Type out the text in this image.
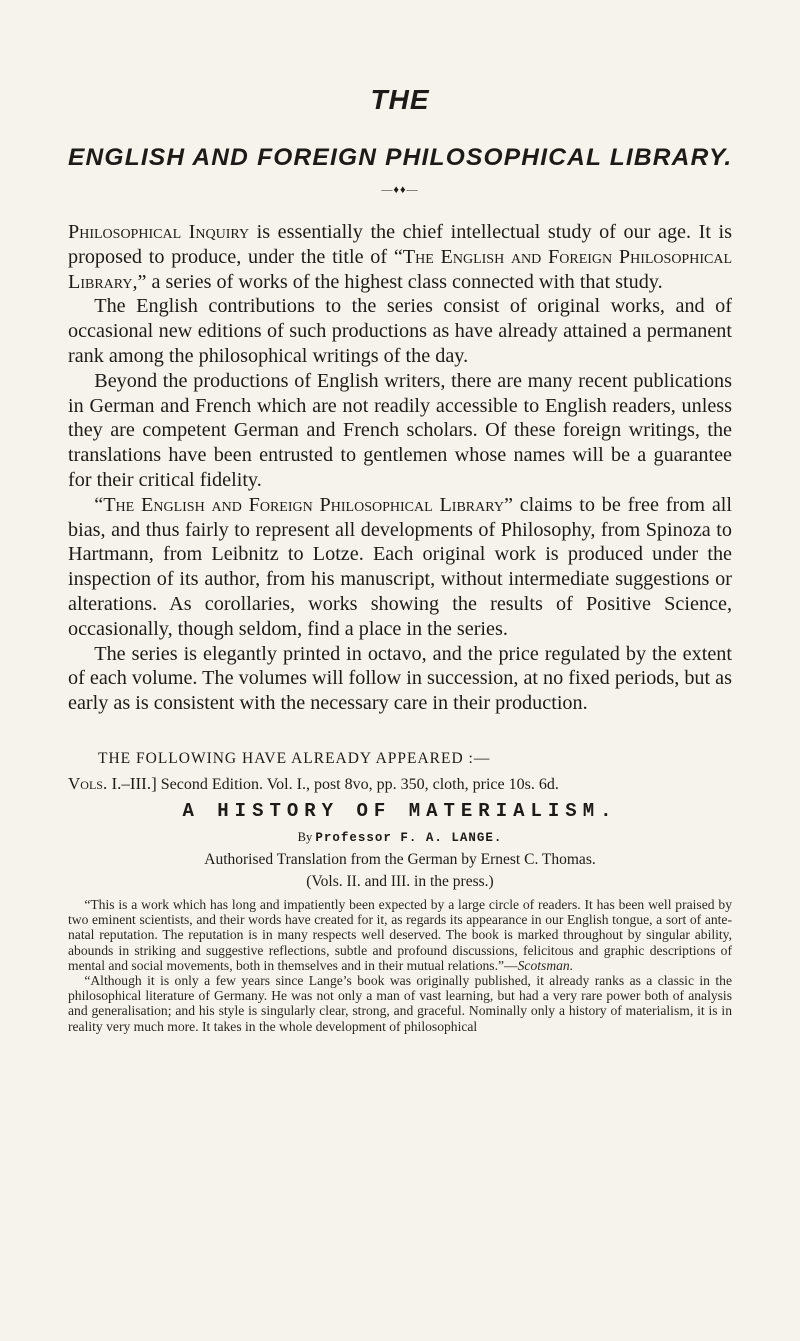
THE
ENGLISH AND FOREIGN PHILOSOPHICAL LIBRARY.
—♦♦—

Philosophical Inquiry is essentially the chief intellectual study of our age. It is proposed to produce, under the title of “The English and Foreign Philosophical Library,” a series of works of the highest class connected with that study.

The English contributions to the series consist of original works, and of occasional new editions of such productions as have already attained a permanent rank among the philosophical writings of the day.

Beyond the productions of English writers, there are many recent publications in German and French which are not readily accessible to English readers, unless they are competent German and French scholars. Of these foreign writings, the translations have been entrusted to gentlemen whose names will be a guarantee for their critical fidelity.

“The English and Foreign Philosophical Library” claims to be free from all bias, and thus fairly to represent all developments of Philosophy, from Spinoza to Hartmann, from Leibnitz to Lotze. Each original work is produced under the inspection of its author, from his manuscript, without intermediate suggestions or alterations. As corollaries, works showing the results of Positive Science, occasionally, though seldom, find a place in the series.

The series is elegantly printed in octavo, and the price regulated by the extent of each volume. The volumes will follow in succession, at no fixed periods, but as early as is consistent with the necessary care in their production.

THE FOLLOWING HAVE ALREADY APPEARED :—
Vols. I.–III.] Second Edition. Vol. I., post 8vo, pp. 350, cloth, price 10s. 6d.
A HISTORY OF MATERIALISM.
By Professor F. A. LANGE.
Authorised Translation from the German by Ernest C. Thomas.
(Vols. II. and III. in the press.)

“This is a work which has long and impatiently been expected by a large circle of readers. It has been well praised by two eminent scientists, and their words have created for it, as regards its appearance in our English tongue, a sort of ante-natal reputation. The reputation is in many respects well deserved. The book is marked throughout by singular ability, abounds in striking and suggestive reflections, subtle and profound discussions, felicitous and graphic descriptions of mental and social movements, both in themselves and in their mutual relations.”—Scotsman.

“Although it is only a few years since Lange’s book was originally published, it already ranks as a classic in the philosophical literature of Germany. He was not only a man of vast learning, but had a very rare power both of analysis and generalisation; and his style is singularly clear, strong, and graceful. Nominally only a history of materialism, it is in reality very much more. It takes in the whole development of philosophical
